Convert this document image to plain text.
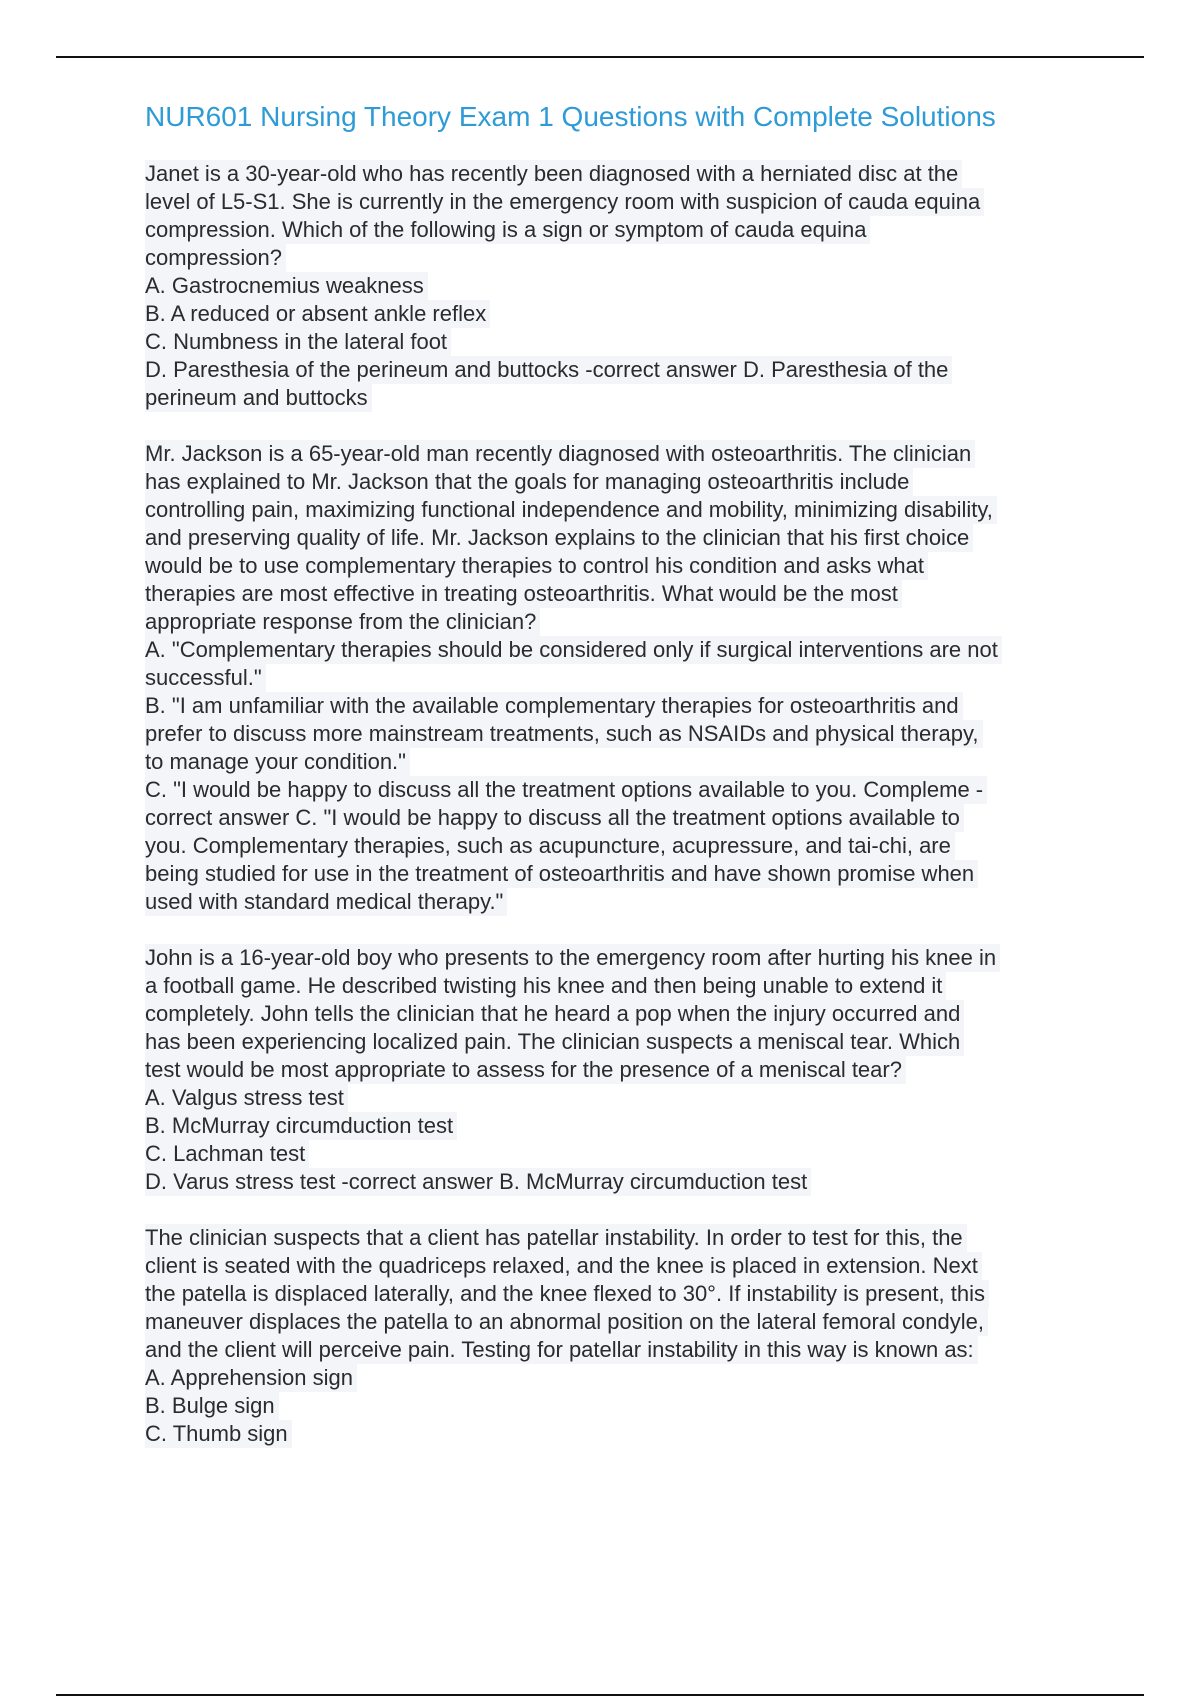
NUR601 Nursing Theory Exam 1 Questions with Complete Solutions

Janet is a 30-year-old who has recently been diagnosed with a herniated disc at the

level of L5-S1. She is currently in the emergency room with suspicion of cauda equina

compression. Which of the following is a sign or symptom of cauda equina

compression?

A. Gastrocnemius weakness

B. A reduced or absent ankle reflex

C. Numbness in the lateral foot

D. Paresthesia of the perineum and buttocks -correct answer D. Paresthesia of the

perineum and buttocks

Mr. Jackson is a 65-year-old man recently diagnosed with osteoarthritis. The clinician

has explained to Mr. Jackson that the goals for managing osteoarthritis include

controlling pain, maximizing functional independence and mobility, minimizing disability,

and preserving quality of life. Mr. Jackson explains to the clinician that his first choice

would be to use complementary therapies to control his condition and asks what

therapies are most effective in treating osteoarthritis. What would be the most

appropriate response from the clinician?

A. "Complementary therapies should be considered only if surgical interventions are not

successful."

B. "I am unfamiliar with the available complementary therapies for osteoarthritis and

prefer to discuss more mainstream treatments, such as NSAIDs and physical therapy,

to manage your condition."

C. "I would be happy to discuss all the treatment options available to you. Compleme -

correct answer C. "I would be happy to discuss all the treatment options available to

you. Complementary therapies, such as acupuncture, acupressure, and tai-chi, are

being studied for use in the treatment of osteoarthritis and have shown promise when

used with standard medical therapy."

John is a 16-year-old boy who presents to the emergency room after hurting his knee in

a football game. He described twisting his knee and then being unable to extend it

completely. John tells the clinician that he heard a pop when the injury occurred and

has been experiencing localized pain. The clinician suspects a meniscal tear. Which

test would be most appropriate to assess for the presence of a meniscal tear?

A. Valgus stress test

B. McMurray circumduction test

C. Lachman test

D. Varus stress test -correct answer B. McMurray circumduction test

The clinician suspects that a client has patellar instability. In order to test for this, the

client is seated with the quadriceps relaxed, and the knee is placed in extension. Next

the patella is displaced laterally, and the knee flexed to 30°. If instability is present, this

maneuver displaces the patella to an abnormal position on the lateral femoral condyle,

and the client will perceive pain. Testing for patellar instability in this way is known as:

A. Apprehension sign

B. Bulge sign

C. Thumb sign
